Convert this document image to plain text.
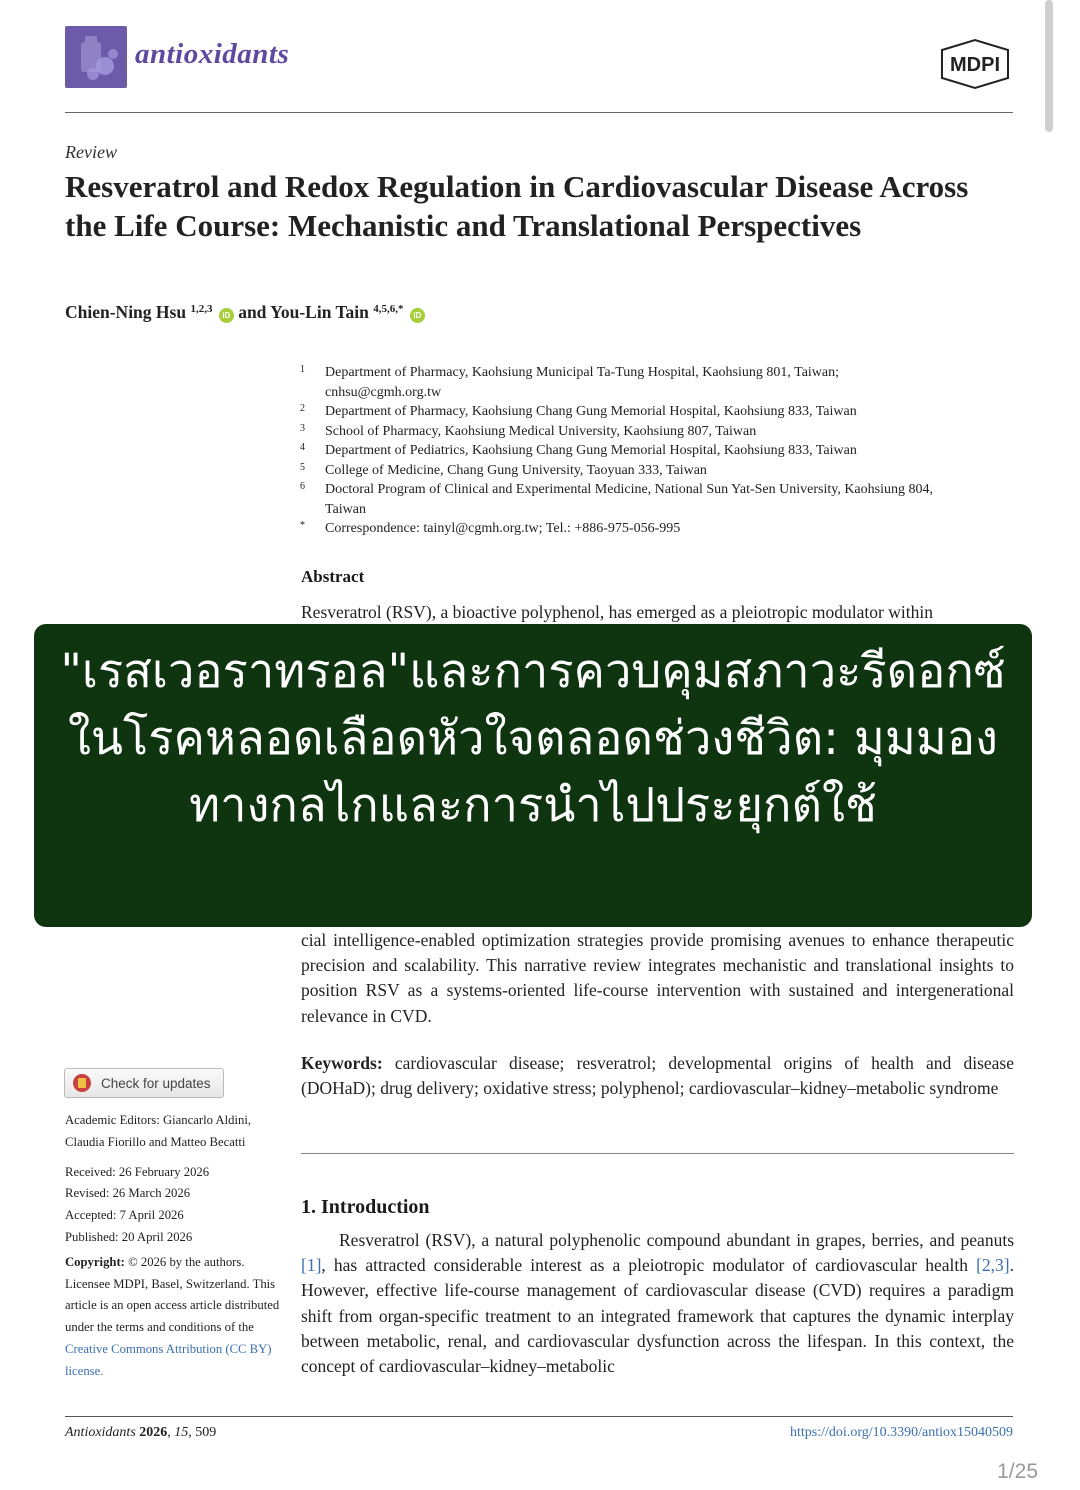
antioxidants	MDPI
Review
Resveratrol and Redox Regulation in Cardiovascular Disease Across the Life Course: Mechanistic and Translational Perspectives
Chien-Ning Hsu $^{1,2,3}$ iD and You-Lin Tain $^{4,5,6,*}$ iD
1	Department of Pharmacy, Kaohsiung Municipal Ta-Tung Hospital, Kaohsiung 801, Taiwan; cnhsu@cgmh.org.tw
2	Department of Pharmacy, Kaohsiung Chang Gung Memorial Hospital, Kaohsiung 833, Taiwan
3	School of Pharmacy, Kaohsiung Medical University, Kaohsiung 807, Taiwan
4	Department of Pediatrics, Kaohsiung Chang Gung Memorial Hospital, Kaohsiung 833, Taiwan
5	College of Medicine, Chang Gung University, Taoyuan 333, Taiwan
6	Doctoral Program of Clinical and Experimental Medicine, National Sun Yat-Sen University, Kaohsiung 804, Taiwan
*	Correspondence: tainyl@cgmh.org.tw; Tel.: +886-975-056-995
Abstract
Resveratrol (RSV), a bioactive polyphenol, has emerged as a pleiotropic modulator within
cial intelligence-enabled optimization strategies provide promising avenues to enhance therapeutic precision and scalability. This narrative review integrates mechanistic and translational insights to position RSV as a systems-oriented life-course intervention with sustained and intergenerational relevance in CVD.
"เรสเวอราทรอล"และการควบคุมสภาวะรีดอกซ์ในโรคหลอดเลือดหัวใจตลอดช่วงชีวิต: มุมมองทางกลไกและการนำไปประยุกต์ใช้
Keywords: cardiovascular disease; resveratrol; developmental origins of health and disease (DOHaD); drug delivery; oxidative stress; polyphenol; cardiovascular–kidney–metabolic syndrome
Check for updates
Academic Editors: Giancarlo Aldini, Claudia Fiorillo and Matteo Becatti
Received: 26 February 2026
Revised: 26 March 2026
Accepted: 7 April 2026
Published: 20 April 2026
Copyright: © 2026 by the authors. Licensee MDPI, Basel, Switzerland. This article is an open access article distributed under the terms and conditions of the Creative Commons Attribution (CC BY) license.
1. Introduction
Resveratrol (RSV), a natural polyphenolic compound abundant in grapes, berries, and peanuts [1], has attracted considerable interest as a pleiotropic modulator of cardiovascular health [2,3]. However, effective life-course management of cardiovascular disease (CVD) requires a paradigm shift from organ-specific treatment to an integrated framework that captures the dynamic interplay between metabolic, renal, and cardiovascular dysfunction across the lifespan. In this context, the concept of cardiovascular–kidney–metabolic
Antioxidants 2026, 15, 509	https://doi.org/10.3390/antiox15040509
1/25
